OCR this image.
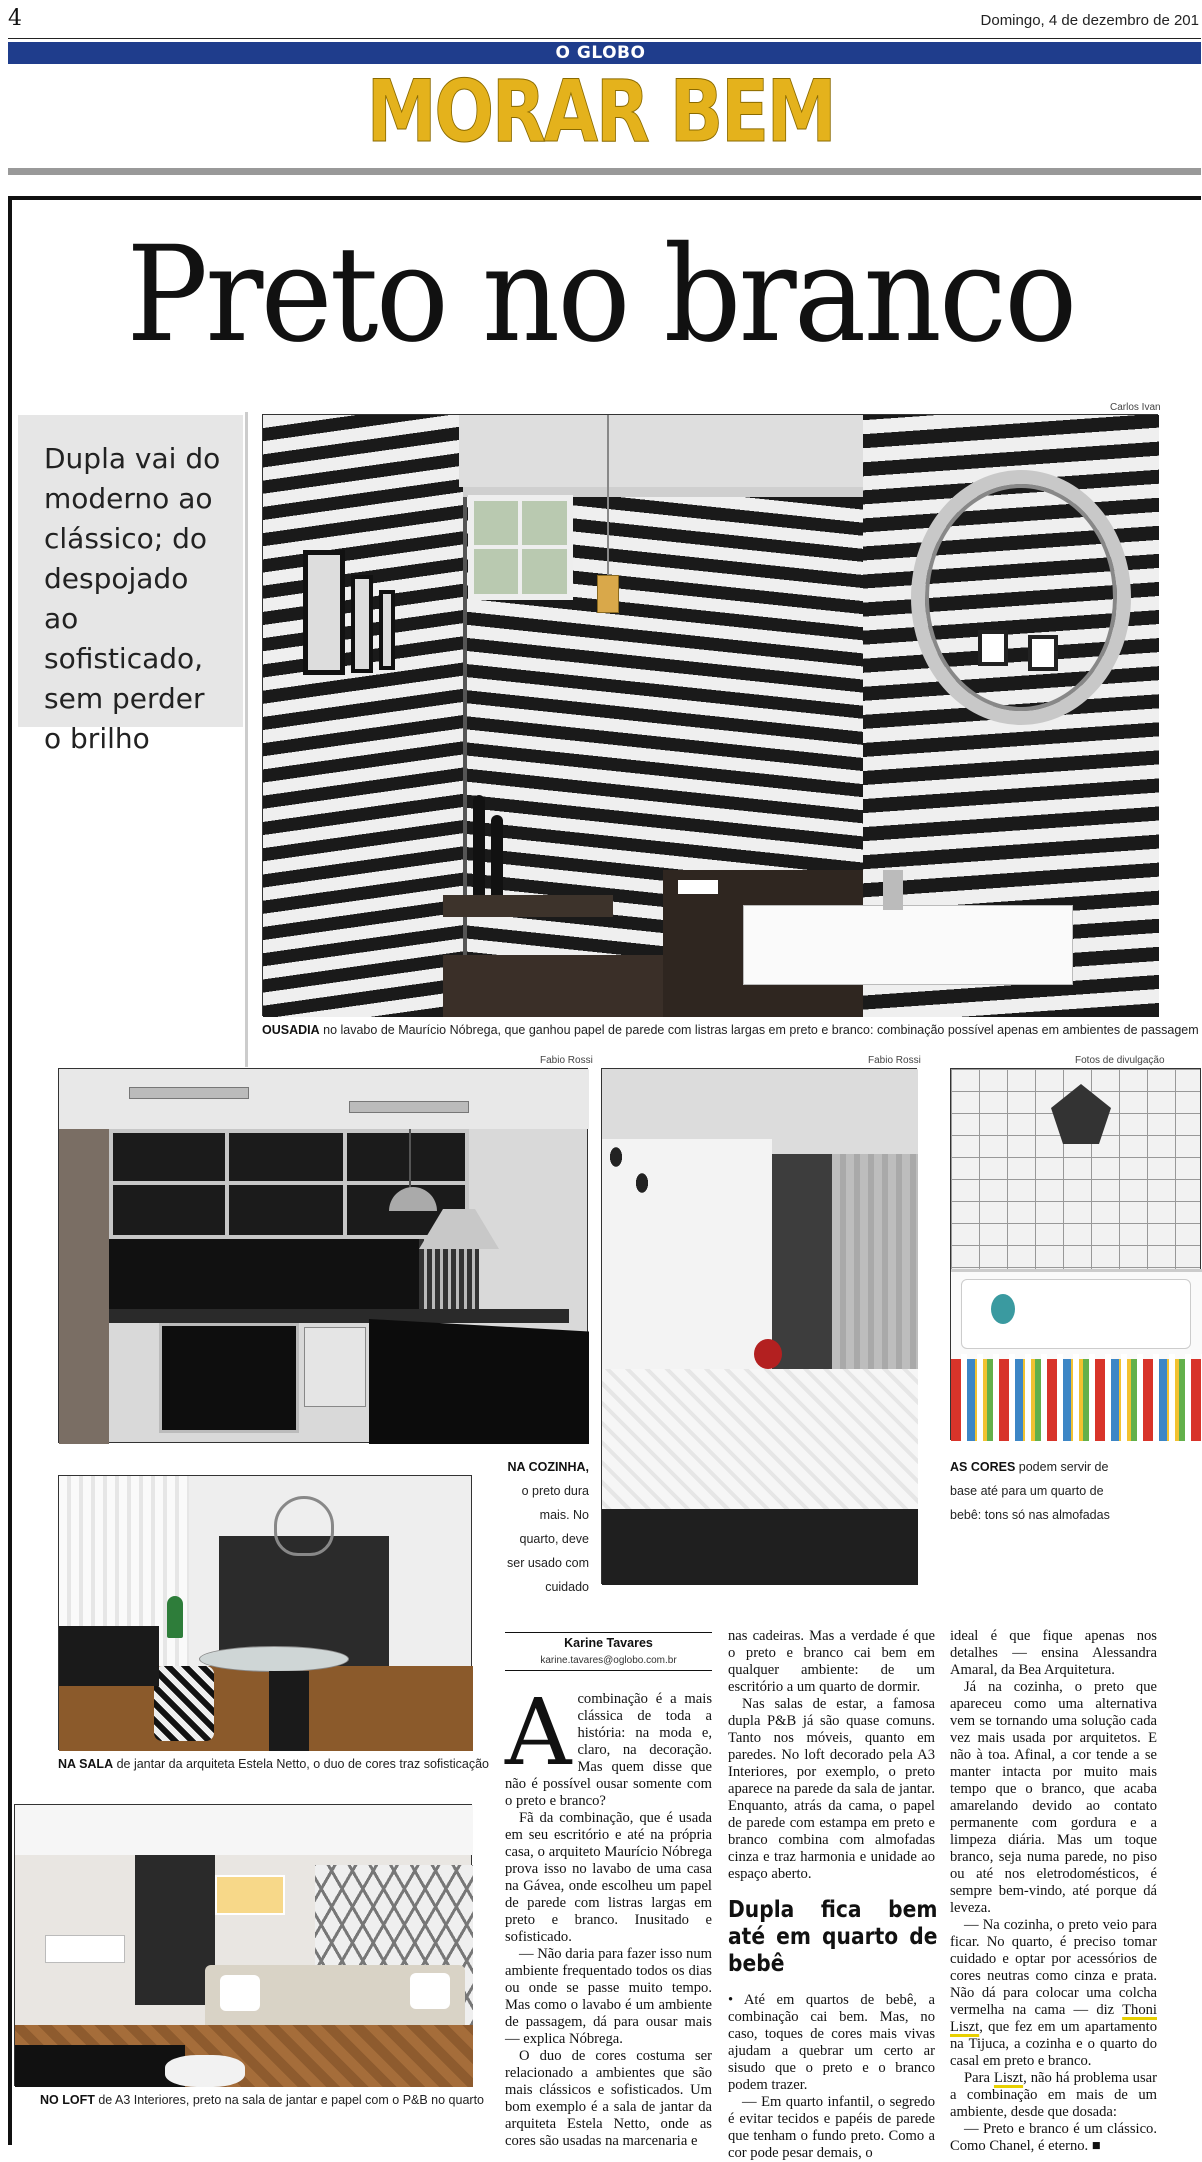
4	Domingo, 4 de dezembro de 201
O GLOBO
MORAR BEM
Preto no branco
Dupla vai do moderno ao clássico; do despojado ao sofisticado, sem perder o brilho
Carlos Ivan
OUSADIA no lavabo de Maurício Nóbrega, que ganhou papel de parede com listras largas em preto e branco: combinação possível apenas em ambientes de passagem
Fabio Rossi	Fabio Rossi	Fotos de divulgação
AS CORES podem servir de base até para um quarto de bebê: tons só nas almofadas
NA COZINHA, o preto dura mais. No quarto, deve ser usado com cuidado
NA SALA de jantar da arquiteta Estela Netto, o duo de cores traz sofisticação
NO LOFT de A3 Interiores, preto na sala de jantar e papel com o P&B no quarto
Karine Tavares
karine.tavares@oglobo.com.br

Acombinação é a mais clássica de toda a história: na moda e, claro, na decoração. Mas quem disse que não é possível ousar somente com o preto e branco?

Fã da combinação, que é usada em seu escritório e até na própria casa, o arquiteto Maurício Nóbrega prova isso no lavabo de uma casa na Gávea, onde escolheu um papel de parede com listras largas em preto e branco. Inusitado e sofisticado.

— Não daria para fazer isso num ambiente frequentado todos os dias ou onde se passe muito tempo. Mas como o lavabo é um ambiente de passagem, dá para ousar mais — explica Nóbrega.

O duo de cores costuma ser relacionado a ambientes que são mais clássicos e sofisticados. Um bom exemplo é a sala de jantar da arquiteta Estela Netto, onde as cores são usadas na marcenaria e

nas cadeiras. Mas a verdade é que o preto e branco cai bem em qualquer ambiente: de um escritório a um quarto de dormir.

Nas salas de estar, a famosa dupla P&B já são quase comuns. Tanto nos móveis, quanto em paredes. No loft decorado pela A3 Interiores, por exemplo, o preto aparece na parede da sala de jantar. Enquanto, atrás da cama, o papel de parede com estampa em preto e branco combina com almofadas cinza e traz harmonia e unidade ao espaço aberto.

Dupla fica bem até em quarto de bebê

• Até em quartos de bebê, a combinação cai bem. Mas, no caso, toques de cores mais vivas ajudam a quebrar um certo ar sisudo que o preto e o branco podem trazer.

— Em quarto infantil, o segredo é evitar tecidos e papéis de parede que tenham o fundo preto. Como a cor pode pesar demais, o

ideal é que fique apenas nos detalhes — ensina Alessandra Amaral, da Bea Arquitetura.

Já na cozinha, o preto que apareceu como uma alternativa vem se tornando uma solução cada vez mais usada por arquitetos. E não à toa. Afinal, a cor tende a se manter intacta por muito mais tempo que o branco, que acaba amarelando devido ao contato permanente com gordura e a limpeza diária. Mas um toque branco, seja numa parede, no piso ou até nos eletrodomésticos, é sempre bem-vindo, até porque dá leveza.

— Na cozinha, o preto veio para ficar. No quarto, é preciso tomar cuidado e optar por acessórios de cores neutras como cinza e prata. Não dá para colocar uma colcha vermelha na cama — diz Thoni Liszt, que fez em um apartamento na Tijuca, a cozinha e o quarto do casal em preto e branco.

Para Liszt, não há problema usar a combinação em mais de um ambiente, desde que dosada:

— Preto e branco é um clássico. Como Chanel, é eterno. ■
